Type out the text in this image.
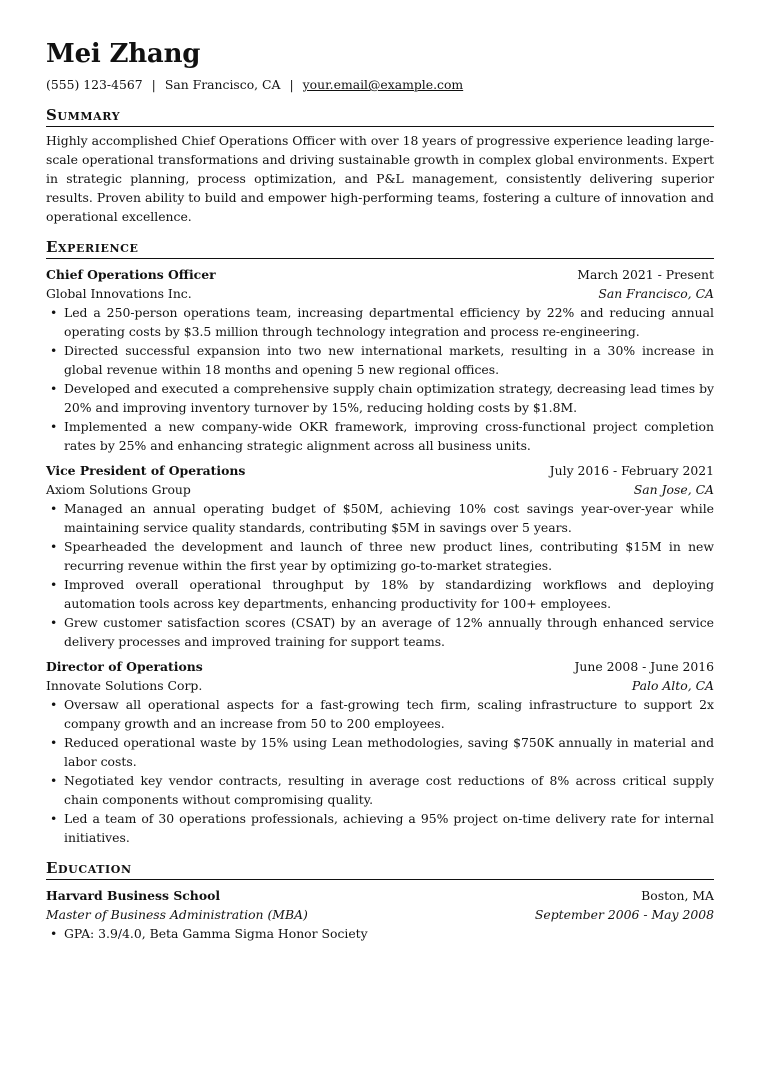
Mei Zhang
(555) 123-4567 | San Francisco, CA | your.email@example.com
Summary
Highly accomplished Chief Operations Officer with over 18 years of progressive experience leading large-scale operational transformations and driving sustainable growth in complex global environments. Expert in strategic planning, process optimization, and P&L management, consistently delivering superior results. Proven ability to build and empower high-performing teams, fostering a culture of innovation and operational excellence.
Experience
Chief Operations Officer	March 2021 - Present
Global Innovations Inc.	San Francisco, CA
• Led a 250-person operations team, increasing departmental efficiency by 22% and reducing annual operating costs by $3.5 million through technology integration and process re-engineering.
• Directed successful expansion into two new international markets, resulting in a 30% increase in global revenue within 18 months and opening 5 new regional offices.
• Developed and executed a comprehensive supply chain optimization strategy, decreasing lead times by 20% and improving inventory turnover by 15%, reducing holding costs by $1.8M.
• Implemented a new company-wide OKR framework, improving cross-functional project completion rates by 25% and enhancing strategic alignment across all business units.
Vice President of Operations	July 2016 - February 2021
Axiom Solutions Group	San Jose, CA
• Managed an annual operating budget of $50M, achieving 10% cost savings year-over-year while maintaining service quality standards, contributing $5M in savings over 5 years.
• Spearheaded the development and launch of three new product lines, contributing $15M in new recurring revenue within the first year by optimizing go-to-market strategies.
• Improved overall operational throughput by 18% by standardizing workflows and deploying automation tools across key departments, enhancing productivity for 100+ employees.
• Grew customer satisfaction scores (CSAT) by an average of 12% annually through enhanced service delivery processes and improved training for support teams.
Director of Operations	June 2008 - June 2016
Innovate Solutions Corp.	Palo Alto, CA
• Oversaw all operational aspects for a fast-growing tech firm, scaling infrastructure to support 2x company growth and an increase from 50 to 200 employees.
• Reduced operational waste by 15% using Lean methodologies, saving $750K annually in material and labor costs.
• Negotiated key vendor contracts, resulting in average cost reductions of 8% across critical supply chain components without compromising quality.
• Led a team of 30 operations professionals, achieving a 95% project on-time delivery rate for internal initiatives.
Education
Harvard Business School	Boston, MA
Master of Business Administration (MBA)	September 2006 - May 2008
• GPA: 3.9/4.0, Beta Gamma Sigma Honor Society
